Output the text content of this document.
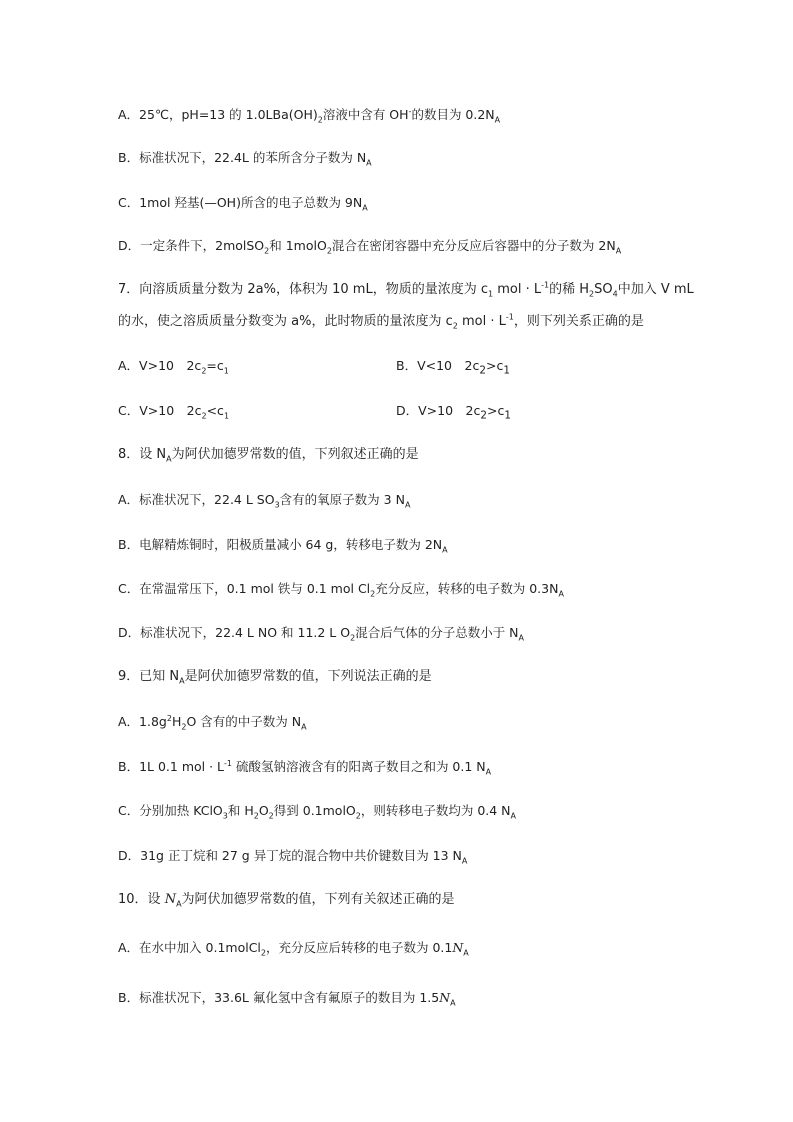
A．25℃，pH=13 的 $1.0LBa(OH)_2$溶液中含有 OH-的数目为 $0.2N_A$
B．标准状况下，22.4L 的苯所含分子数为 $N_A$
C．1mol 羟基(—OH)所含的电子总数为 $9N_A$
D．一定条件下，2molSO$_2$和 1molO$_2$混合在密闭容器中充分反应后容器中的分子数为 $2N_A$
7．向溶质质量分数为 2a%，体积为 10 mL，物质的量浓度为 $c_1$ mol · $L^{-1}$的稀 $H_2SO_4$中加入 V mL
的水，使之溶质质量分数变为 a%，此时物质的量浓度为 $c_2$ mol · $L^{-1}$，则下列关系正确的是
A．V>10　$2c_2=c_1$	B．V<10　$2c_2>c_1$
C．V>10　$2c_2<c_1$	D．V>10　$2c_2>c_1$
8．设 $N_A$为阿伏加德罗常数的值，下列叙述正确的是
A．标准状况下，22.4 L $SO_3$含有的氧原子数为 3 $N_A$
B．电解精炼铜时，阳极质量减小 64 g，转移电子数为 $2N_A$
C．在常温常压下，0.1 mol 铁与 0.1 mol $Cl_2$充分反应，转移的电子数为 $0.3N_A$
D．标准状况下，22.4 L NO 和 11.2 L $O_2$混合后气体的分子总数小于 $N_A$
9．已知 $N_A$是阿伏加德罗常数的值，下列说法正确的是
A．$1.8g^2H_2O$ 含有的中子数为 $N_A$
B．1L 0.1 mol · $L^{-1}$ 硫酸氢钠溶液含有的阳离子数目之和为 0.1 $N_A$
C．分别加热 KClO$_3$和 $H_2O_2$得到 0.1molO$_2$，则转移电子数均为 0.4 $N_A$
D．31g 正丁烷和 27 g 异丁烷的混合物中共价键数目为 13 $N_A$
10．设 $N_A$为阿伏加德罗常数的值，下列有关叙述正确的是
A．在水中加入 0.1molCl$_2$，充分反应后转移的电子数为 $0.1N_A$
B．标准状况下，33.6L 氟化氢中含有氟原子的数目为 $1.5N_A$
